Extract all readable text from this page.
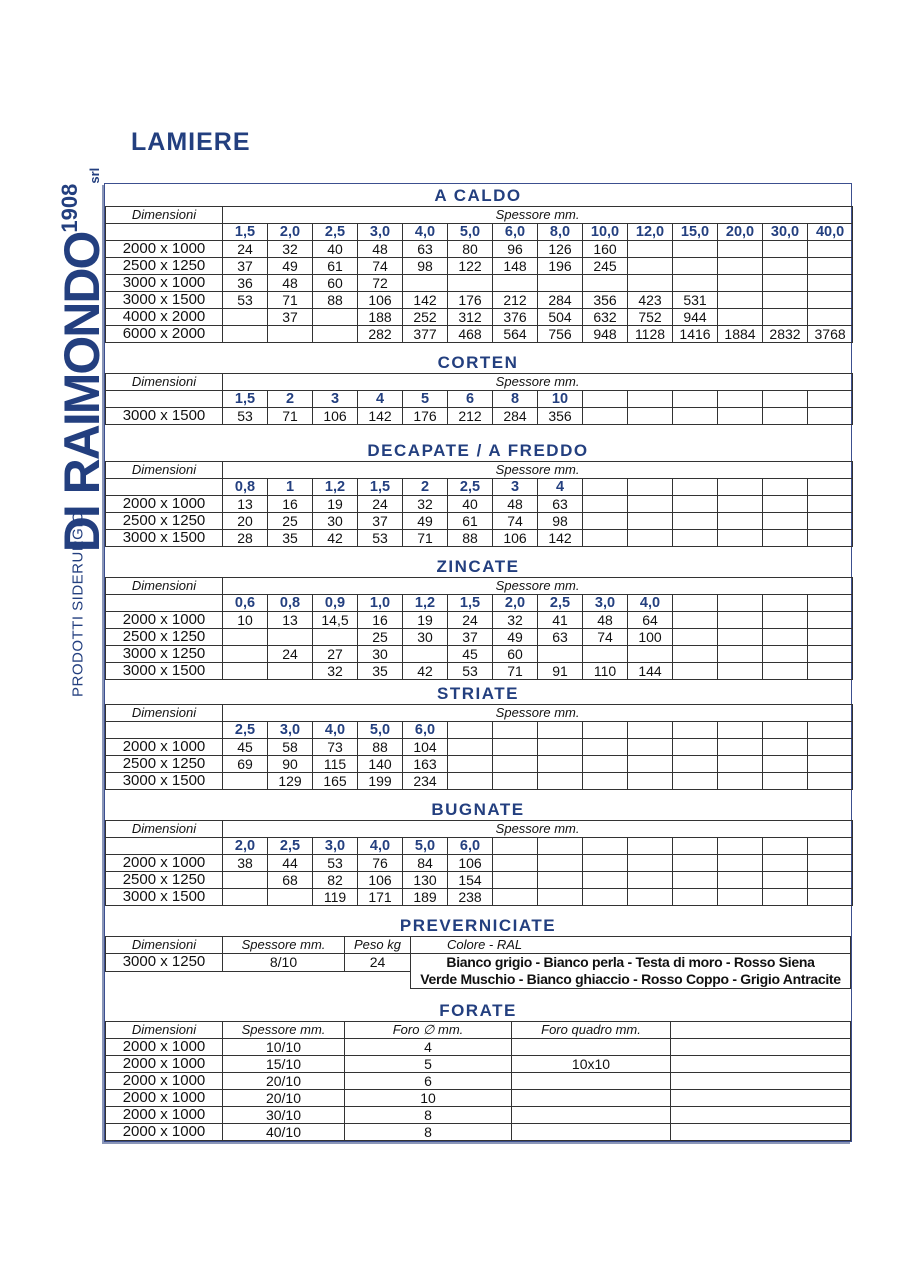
LAMIERE
DI $RAIMONDO^{1908}srl$
PRODOTTI SIDERURGICI
A CALDO
Dimensioni	Spessore mm.													
	1,5	2,0	2,5	3,0	4,0	5,0	6,0	8,0	10,0	12,0	15,0	20,0	30,0	40,0
2000 x 1000	24	32	40	48	63	80	96	126	160					
2500 x 1250	37	49	61	74	98	122	148	196	245					
3000 x 1000	36	48	60	72										
3000 x 1500	53	71	88	106	142	176	212	284	356	423	531			
4000 x 2000		37		188	252	312	376	504	632	752	944			
6000 x 2000				282	377	468	564	756	948	1128	1416	1884	2832	3768
CORTEN
Dimensioni	Spessore mm.													
	1,5	2	3	4	5	6	8	10						
3000 x 1500	53	71	106	142	176	212	284	356						
DECAPATE / A FREDDO
Dimensioni	Spessore mm.													
	0,8	1	1,2	1,5	2	2,5	3	4						
2000 x 1000	13	16	19	24	32	40	48	63						
2500 x 1250	20	25	30	37	49	61	74	98						
3000 x 1500	28	35	42	53	71	88	106	142						
ZINCATE
Dimensioni	Spessore mm.													
	0,6	0,8	0,9	1,0	1,2	1,5	2,0	2,5	3,0	4,0				
2000 x 1000	10	13	14,5	16	19	24	32	41	48	64				
2500 x 1250				25	30	37	49	63	74	100				
3000 x 1250		24	27	30		45	60							
3000 x 1500			32	35	42	53	71	91	110	144				
STRIATE
Dimensioni	Spessore mm.													
	2,5	3,0	4,0	5,0	6,0									
2000 x 1000	45	58	73	88	104									
2500 x 1250	69	90	115	140	163									
3000 x 1500		129	165	199	234									
BUGNATE
Dimensioni	Spessore mm.													
	2,0	2,5	3,0	4,0	5,0	6,0								
2000 x 1000	38	44	53	76	84	106								
2500 x 1250		68	82	106	130	154								
3000 x 1500			119	171	189	238								
PREVERNICIATE
Dimensioni	Spessore mm.	Peso kg	Colore - RAL
3000 x 1250	8/10	24	Bianco grigio - Bianco perla - Testa di moro - Rosso Siena
Verde Muschio - Bianco ghiaccio - Rosso Coppo - Grigio Antracite

FORATE
Dimensioni	Spessore mm.	Foro ∅ mm.	Foro quadro mm.	
2000 x 1000	10/10	4		
2000 x 1000	15/10	5	10x10	
2000 x 1000	20/10	6		
2000 x 1000	20/10	10		
2000 x 1000	30/10	8		
2000 x 1000	40/10	8		
